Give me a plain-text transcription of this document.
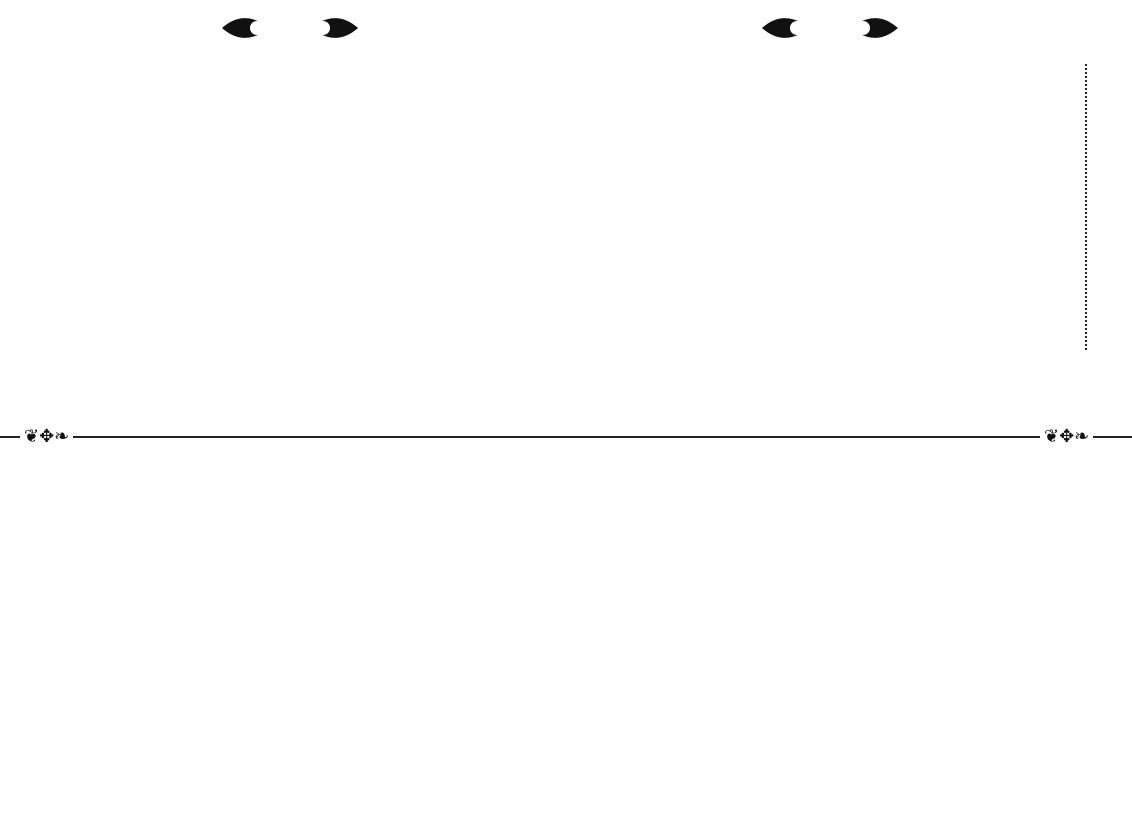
❦✥❧	❦✥❧
